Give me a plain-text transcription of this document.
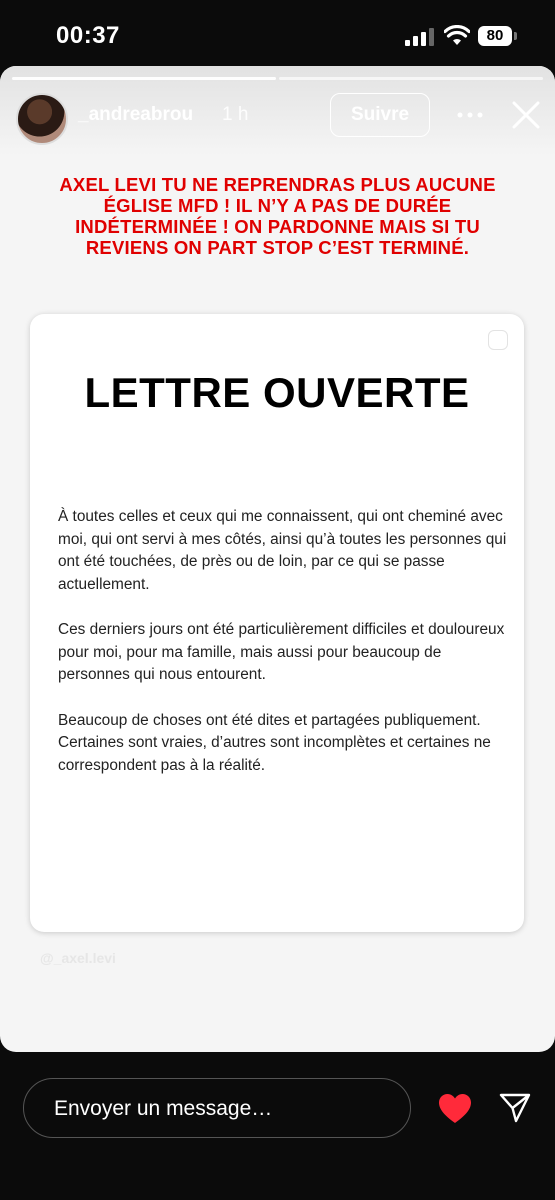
00:37	80
_andreabrou 1 h	Suivre
AXEL LEVI TU NE REPRENDRAS PLUS AUCUNE ÉGLISE MFD ! IL N’Y A PAS DE DURÉE INDÉTERMINÉE ! ON PARDONNE MAIS SI TU REVIENS ON PART STOP C’EST TERMINÉ.
LETTRE OUVERTE

À toutes celles et ceux qui me connaissent, qui ont cheminé avec moi, qui ont servi à mes côtés, ainsi qu’à toutes les personnes qui ont été touchées, de près ou de loin, par ce qui se passe actuellement.

Ces derniers jours ont été particulièrement difficiles et douloureux pour moi, pour ma famille, mais aussi pour beaucoup de personnes qui nous entourent.

Beaucoup de choses ont été dites et partagées publiquement. Certaines sont vraies, d’autres sont incomplètes et certaines ne correspondent pas à la réalité.

@_axel.levi
Envoyer un message…
